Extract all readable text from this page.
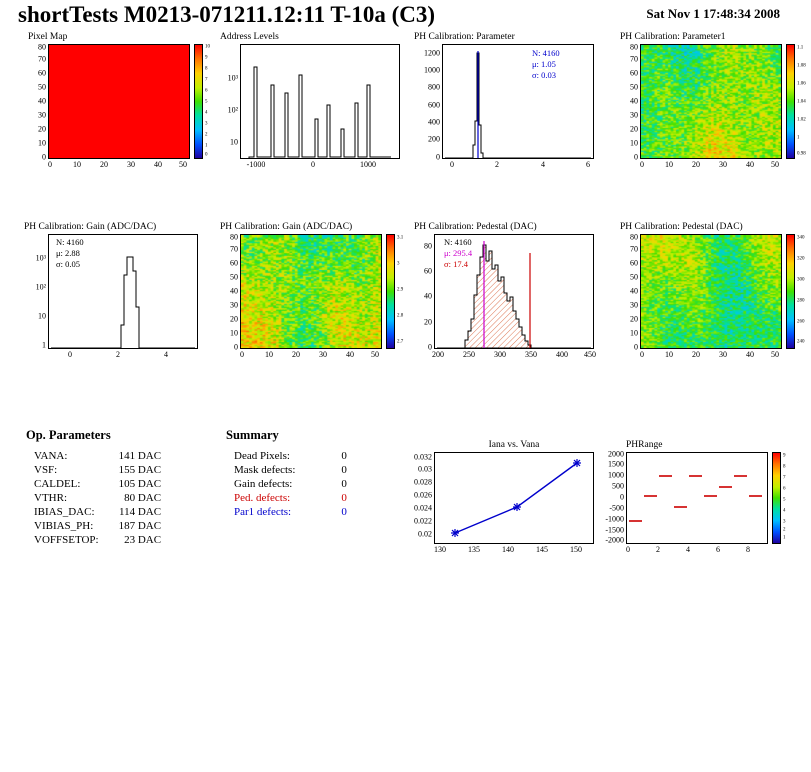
shortTests M0213-071211.12:11 T-10a (C3)	Sat Nov 1 17:48:34 2008
Pixel Map
0
10
20
30
40
50
60
70
80
0	10 20 30 40 50
10
9
8
7
6
5
4
3
2
1
0
Address Levels
10
10²
10³
-1000	0	1000
PH Calibration: Parameter
N: 4160
μ: 1.05
σ: 0.03
0
200
400
600
800
1000
1200
0	2	4	6
PH Calibration: Parameter1
0
10
20
30
40
50
60
70
80
0	10 20 30 40 50
1.1
1.08
1.06
1.04
1.02
1
0.98
PH Calibration: Gain (ADC/DAC)
N: 4160
μ: 2.88
σ: 0.05
1
10
10²
10³
0	2	4
PH Calibration: Gain (ADC/DAC)
0
10
20
30
40
50
60
70
80
0	10 20 30 40 50
3.1
3
2.9
2.8
2.7
PH Calibration: Pedestal (DAC)
N: 4160
μ: 295.4
σ: 17.4
0
20
40
60
80
200 250 300 350 400 450
PH Calibration: Pedestal (DAC)
0
10
20
30
40
50
60
70
80
0	10 20 30 40 50
340
320
300
280
260
240
Op. Parameters
VANA:	141 DAC
VSF:	155 DAC
CALDEL:	105 DAC
VTHR:	80 DAC
IBIAS_DAC:	114 DAC
VIBIAS_PH:	187 DAC
VOFFSETOP:	23 DAC
Summary
Dead Pixels:	0
Mask defects:	0
Gain defects:	0
Ped. defects:	0
Par1 defects:	0
Iana vs. Vana
0.02
0.022
0.024
0.026
0.028
0.03
0.032
130	135	140	145	150
PHRange
-2000
-1500
-1000
-500
0
500
1000
1500
2000
0	2	4	6	8
9
8
7
6
5
4
3
2
1
